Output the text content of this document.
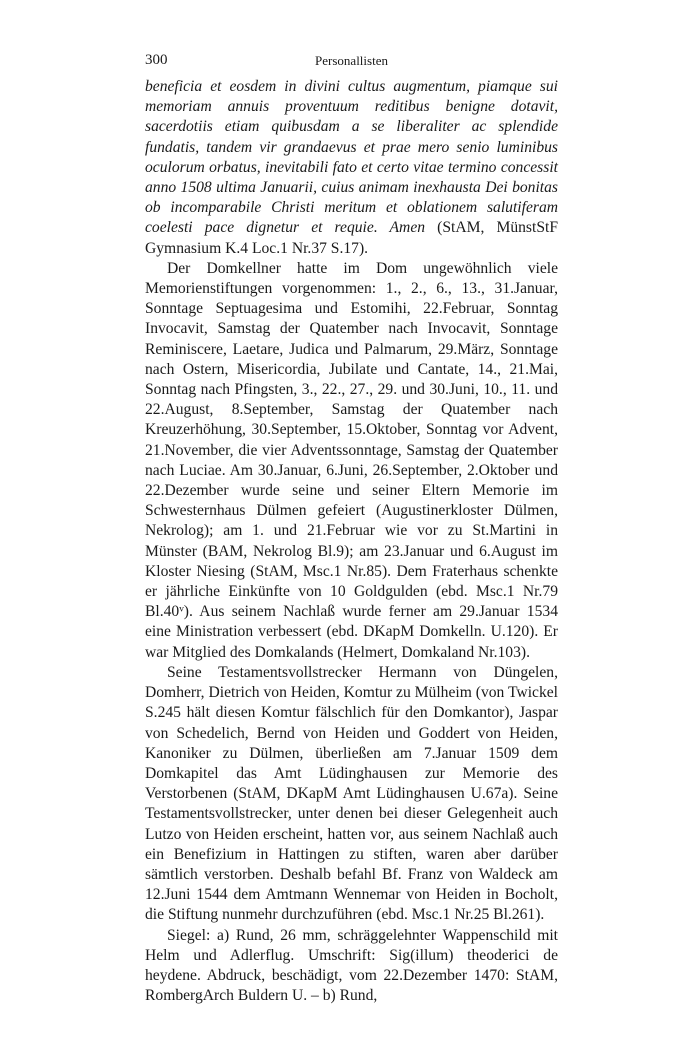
300	Personallisten

beneficia et eosdem in divini cultus augmentum, piamque sui memoriam annuis proventuum reditibus benigne dotavit, sacerdotiis etiam quibusdam a se liberaliter ac splendide fundatis, tandem vir grandaevus et prae mero senio luminibus oculorum orbatus, inevitabili fato et certo vitae termino concessit anno 1508 ultima Januarii, cuius animam inexhausta Dei bonitas ob incomparabile Christi meritum et oblationem salutiferam coelesti pace dignetur et requie. Amen (StAM, MünstStF Gymnasium K.4 Loc.1 Nr.37 S.17).

Der Domkellner hatte im Dom ungewöhnlich viele Memorienstiftungen vorgenommen: 1., 2., 6., 13., 31.Januar, Sonntage Septuagesima und Estomihi, 22.Februar, Sonntag Invocavit, Samstag der Quatember nach Invocavit, Sonntage Reminiscere, Laetare, Judica und Palmarum, 29.März, Sonntage nach Ostern, Misericordia, Jubilate und Cantate, 14., 21.Mai, Sonntag nach Pfingsten, 3., 22., 27., 29. und 30.Juni, 10., 11. und 22.August, 8.September, Samstag der Quatember nach Kreuzerhöhung, 30.September, 15.Oktober, Sonntag vor Advent, 21.November, die vier Adventssonntage, Samstag der Quatember nach Luciae. Am 30.Januar, 6.Juni, 26.September, 2.Oktober und 22.Dezember wurde seine und seiner Eltern Memorie im Schwesternhaus Dülmen gefeiert (Augustinerkloster Dülmen, Nekrolog); am 1. und 21.Februar wie vor zu St.Martini in Münster (BAM, Nekrolog Bl.9); am 23.Januar und 6.August im Kloster Niesing (StAM, Msc.1 Nr.85). Dem Fraterhaus schenkte er jährliche Einkünfte von 10 Goldgulden (ebd. Msc.1 Nr.79 Bl.40ᵛ). Aus seinem Nachlaß wurde ferner am 29.Januar 1534 eine Ministration verbessert (ebd. DKapM Domkelln. U.120). Er war Mitglied des Domkalands (Helmert, Domkaland Nr.103).

Seine Testamentsvollstrecker Hermann von Düngelen, Domherr, Dietrich von Heiden, Komtur zu Mülheim (von Twickel S.245 hält diesen Komtur fälschlich für den Domkantor), Jaspar von Schedelich, Bernd von Heiden und Goddert von Heiden, Kanoniker zu Dülmen, überließen am 7.Januar 1509 dem Domkapitel das Amt Lüdinghausen zur Memorie des Verstorbenen (StAM, DKapM Amt Lüdinghausen U.67a). Seine Testamentsvollstrecker, unter denen bei dieser Gelegenheit auch Lutzo von Heiden erscheint, hatten vor, aus seinem Nachlaß auch ein Benefizium in Hattingen zu stiften, waren aber darüber sämtlich verstorben. Deshalb befahl Bf. Franz von Waldeck am 12.Juni 1544 dem Amtmann Wennemar von Heiden in Bocholt, die Stiftung nunmehr durchzuführen (ebd. Msc.1 Nr.25 Bl.261).

Siegel: a) Rund, 26 mm, schräggelehnter Wappenschild mit Helm und Adlerflug. Umschrift: Sig(illum) theoderici de heydene. Abdruck, beschädigt, vom 22.Dezember 1470: StAM, RombergArch Buldern U. – b) Rund,
